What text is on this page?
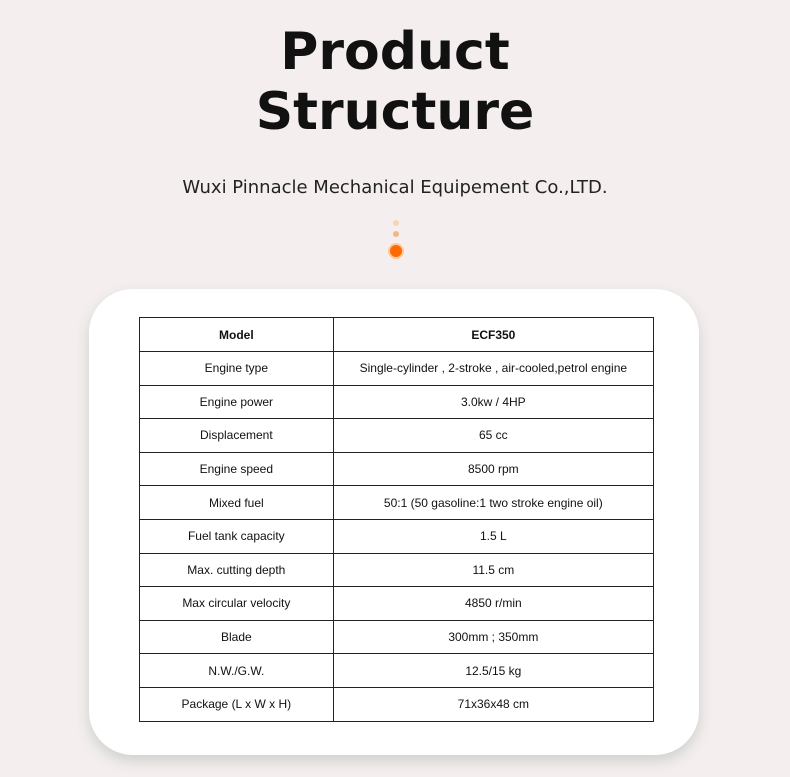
Product
Structure
Wuxi Pinnacle Mechanical Equipement Co.,LTD.
Model	ECF350
Engine type	Single-cylinder , 2-stroke , air-cooled,petrol engine
Engine power	3.0kw / 4HP
Displacement	65 cc
Engine speed	8500 rpm
Mixed fuel	50:1 (50 gasoline:1 two stroke engine oil)
Fuel tank capacity	1.5 L
Max. cutting depth	11.5 cm
Max circular velocity	4850 r/min
Blade	300mm ; 350mm
N.W./G.W.	12.5/15 kg
Package (L x W x H)	71x36x48 cm
